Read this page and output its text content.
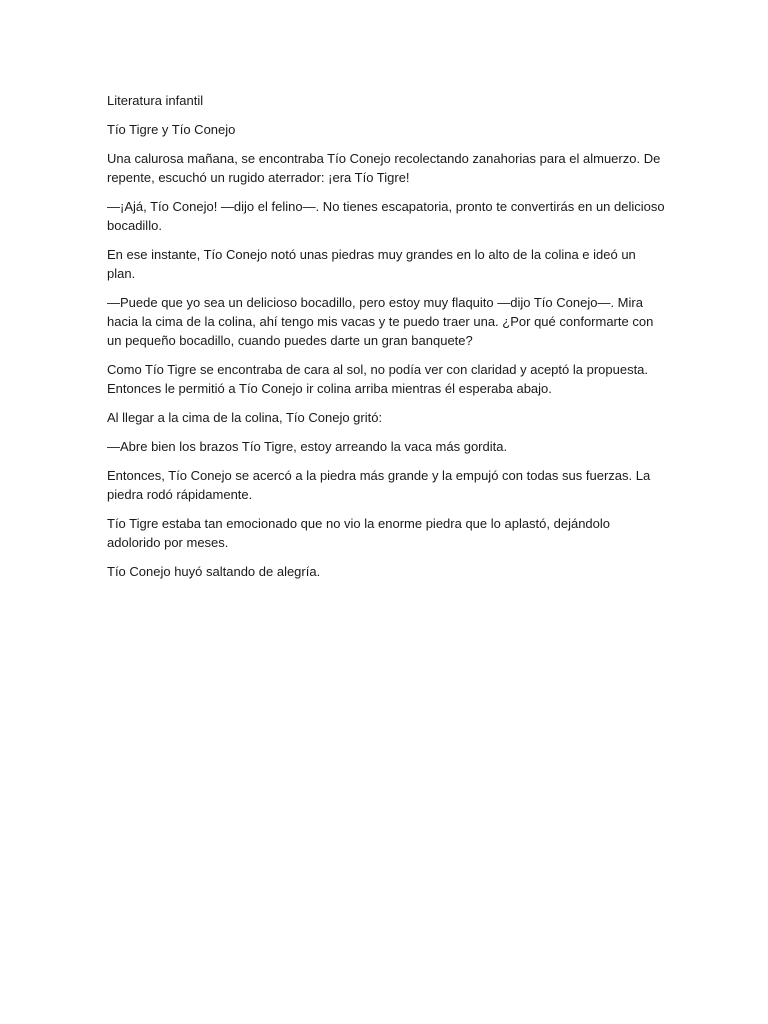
Literatura infantil

Tío Tigre y Tío Conejo

Una calurosa mañana, se encontraba Tío Conejo recolectando zanahorias para el almuerzo. De repente, escuchó un rugido aterrador: ¡era Tío Tigre!

—¡Ajá, Tío Conejo! —dijo el felino—. No tienes escapatoria, pronto te convertirás en un delicioso bocadillo.

En ese instante, Tío Conejo notó unas piedras muy grandes en lo alto de la colina e ideó un plan.

—Puede que yo sea un delicioso bocadillo, pero estoy muy flaquito —dijo Tío Conejo—. Mira hacia la cima de la colina, ahí tengo mis vacas y te puedo traer una. ¿Por qué conformarte con un pequeño bocadillo, cuando puedes darte un gran banquete?

Como Tío Tigre se encontraba de cara al sol, no podía ver con claridad y aceptó la propuesta. Entonces le permitió a Tío Conejo ir colina arriba mientras él esperaba abajo.

Al llegar a la cima de la colina, Tío Conejo gritó:

—Abre bien los brazos Tío Tigre, estoy arreando la vaca más gordita.

Entonces, Tío Conejo se acercó a la piedra más grande y la empujó con todas sus fuerzas. La piedra rodó rápidamente.

Tío Tigre estaba tan emocionado que no vio la enorme piedra que lo aplastó, dejándolo adolorido por meses.

Tío Conejo huyó saltando de alegría.
